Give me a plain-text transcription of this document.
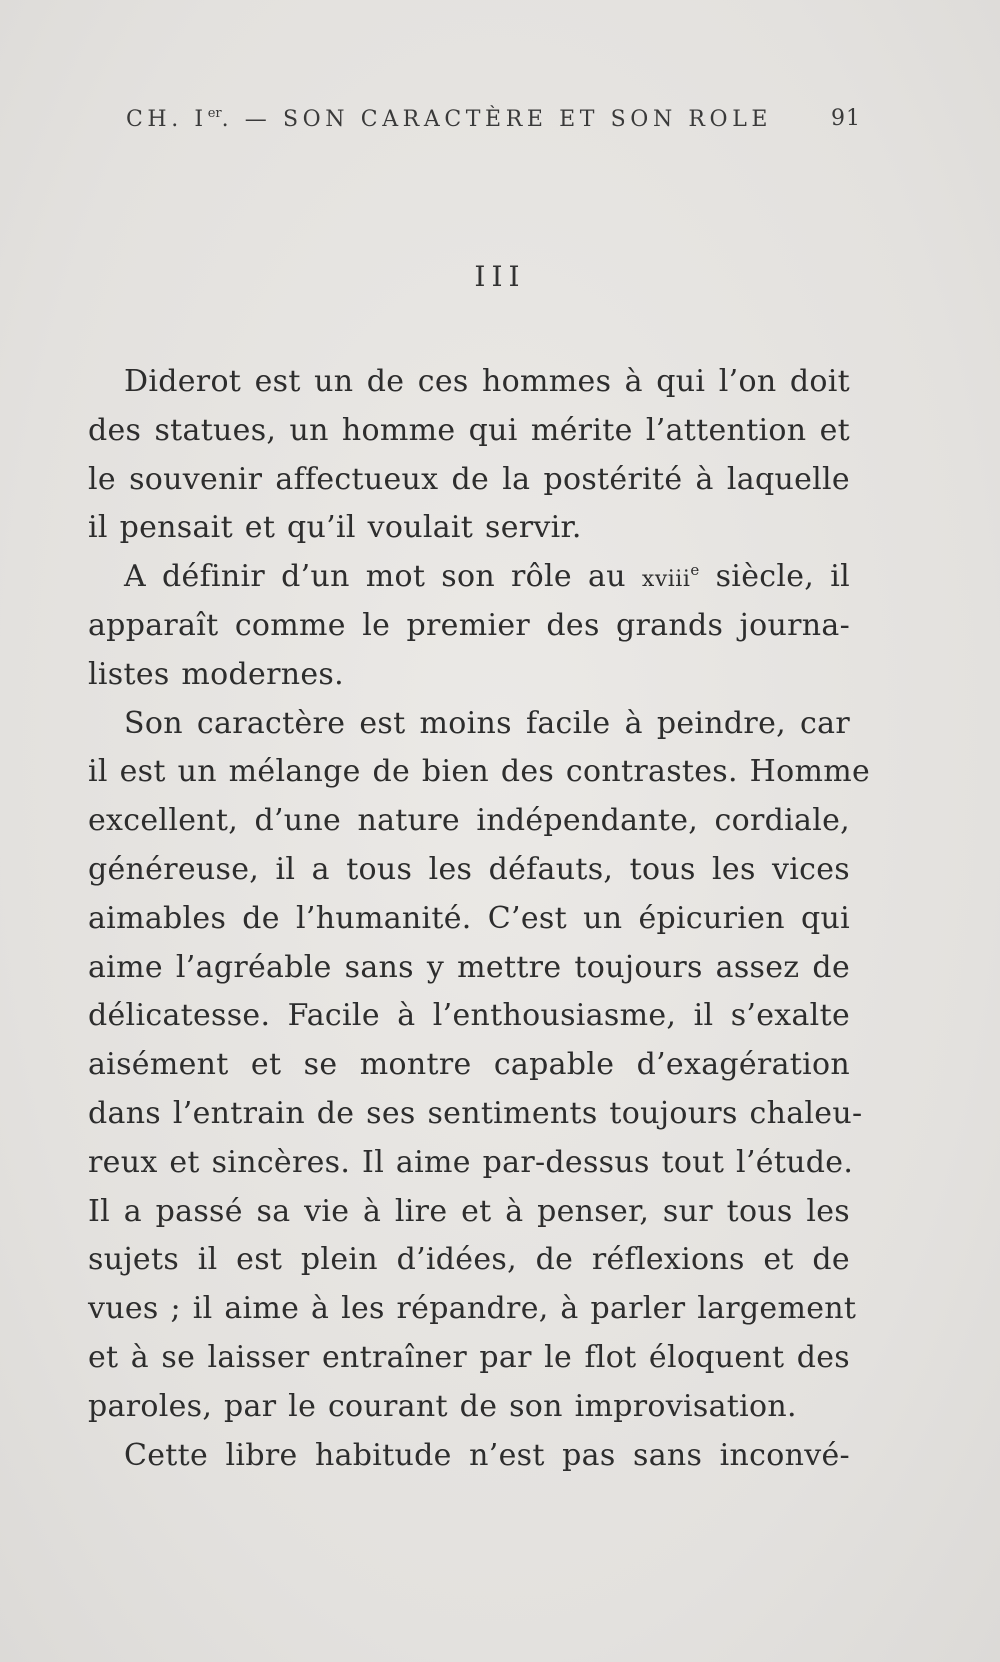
CH. Ier. — SON CARACTÈRE ET SON ROLE	91
III
Diderot est un de ces hommes à qui l’on doit
des statues, un homme qui mérite l’attention et
le souvenir affectueux de la postérité à laquelle
il pensait et qu’il voulait servir.
A définir d’un mot son rôle au xviii$^e$ siècle, il
apparaît comme le premier des grands journa-
listes modernes.
Son caractère est moins facile à peindre, car
il est un mélange de bien des contrastes. Homme
excellent, d’une nature indépendante, cordiale,
généreuse, il a tous les défauts, tous les vices
aimables de l’humanité. C’est un épicurien qui
aime l’agréable sans y mettre toujours assez de
délicatesse. Facile à l’enthousiasme, il s’exalte
aisément et se montre capable d’exagération
dans l’entrain de ses sentiments toujours chaleu-
reux et sincères. Il aime par-dessus tout l’étude.
Il a passé sa vie à lire et à penser, sur tous les
sujets il est plein d’idées, de réflexions et de
vues ; il aime à les répandre, à parler largement
et à se laisser entraîner par le flot éloquent des
paroles, par le courant de son improvisation.
Cette libre habitude n’est pas sans inconvé-
